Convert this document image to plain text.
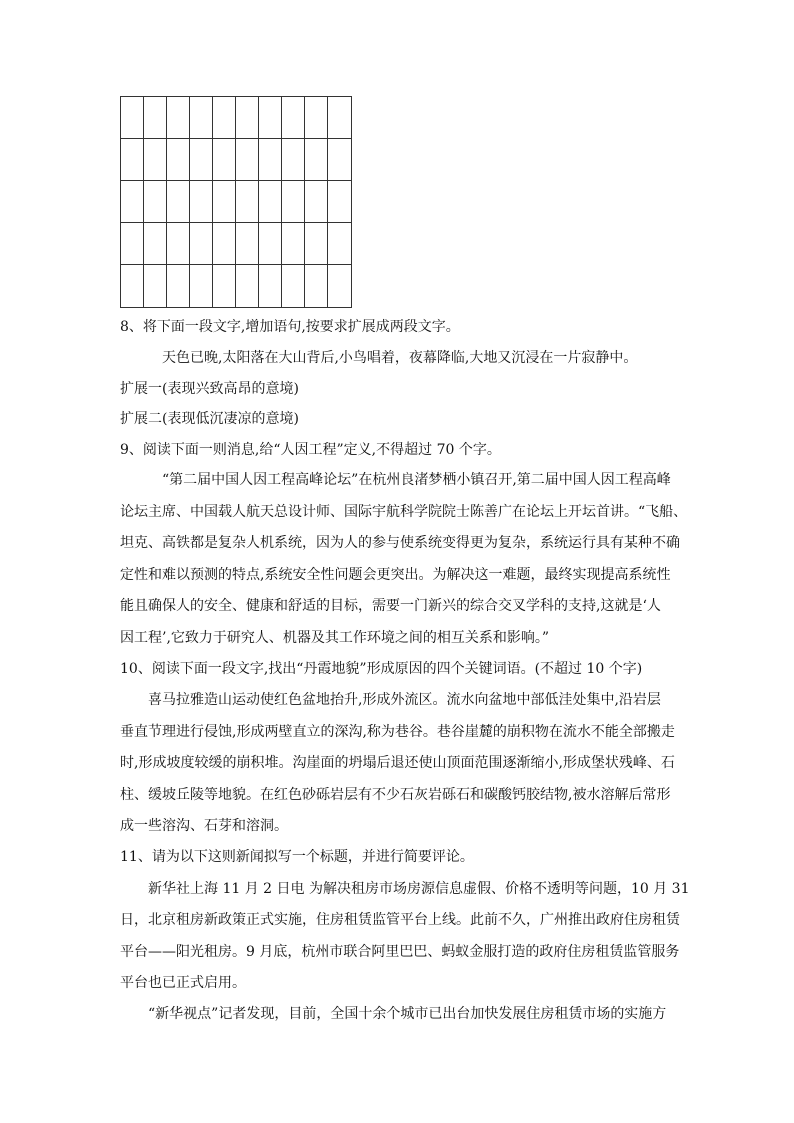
8、将下面一段文字,增加语句,按要求扩展成两段文字。
天色已晚,太阳落在大山背后,小鸟唱着，夜幕降临,大地又沉浸在一片寂静中。
扩展一(表现兴致高昂的意境)
扩展二(表现低沉凄凉的意境)
9、阅读下面一则消息,给“人因工程”定义,不得超过 70 个字。
“第二届中国人因工程高峰论坛”在杭州良渚梦栖小镇召开,第二届中国人因工程高峰
论坛主席、中国载人航天总设计师、国际宇航科学院院士陈善广在论坛上开坛首讲。“飞船、
坦克、高铁都是复杂人机系统，因为人的参与使系统变得更为复杂，系统运行具有某种不确
定性和难以预测的特点,系统安全性问题会更突出。为解决这一难题，最终实现提高系统性
能且确保人的安全、健康和舒适的目标，需要一门新兴的综合交叉学科的支持,这就是‘人
因工程’,它致力于研究人、机器及其工作环境之间的相互关系和影响。”
10、阅读下面一段文字,找出“丹霞地貌”形成原因的四个关键词语。(不超过 10 个字)
喜马拉雅造山运动使红色盆地抬升,形成外流区。流水向盆地中部低洼处集中,沿岩层
垂直节理进行侵蚀,形成两壁直立的深沟,称为巷谷。巷谷崖麓的崩积物在流水不能全部搬走
时,形成坡度较缓的崩积堆。沟崖面的坍塌后退还使山顶面范围逐渐缩小,形成堡状残峰、石
柱、缓坡丘陵等地貌。在红色砂砾岩层有不少石灰岩砾石和碳酸钙胶结物,被水溶解后常形
成一些溶沟、石芽和溶洞。
11、请为以下这则新闻拟写一个标题，并进行简要评论。
新华社上海 11 月 2 日电 为解决租房市场房源信息虚假、价格不透明等问题，10 月 31
日，北京租房新政策正式实施，住房租赁监管平台上线。此前不久，广州推出政府住房租赁
平台——阳光租房。9 月底，杭州市联合阿里巴巴、蚂蚁金服打造的政府住房租赁监管服务
平台也已正式启用。
“新华视点”记者发现，目前，全国十余个城市已出台加快发展住房租赁市场的实施方
